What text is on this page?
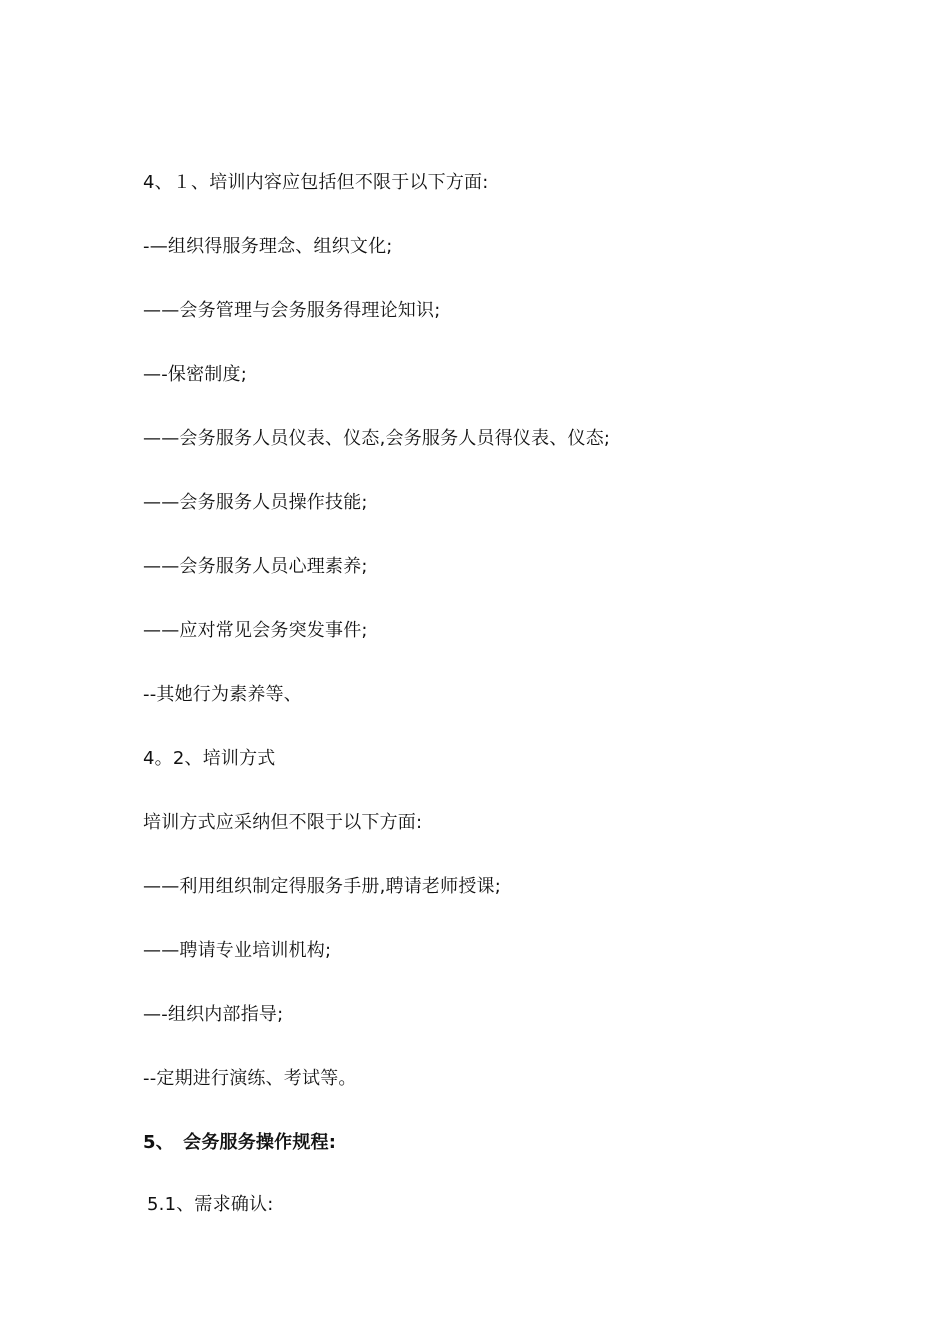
4、１、培训内容应包括但不限于以下方面:
-—组织得服务理念、组织文化;
——会务管理与会务服务得理论知识;
—-保密制度;
——会务服务人员仪表、仪态,会务服务人员得仪表、仪态;
——会务服务人员操作技能;
——会务服务人员心理素养;
——应对常见会务突发事件;
--其她行为素养等、
4。2、培训方式
培训方式应采纳但不限于以下方面:
——利用组织制定得服务手册,聘请老师授课;
——聘请专业培训机构;
—-组织内部指导;
--定期进行演练、考试等。
5、　会务服务操作规程:
5.1、需求确认:
